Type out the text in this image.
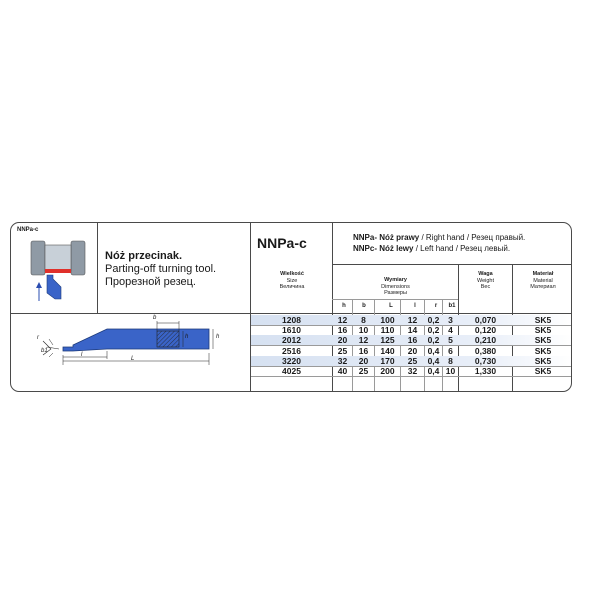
NNPa-c
Nóż przecinak.
Parting-off turning tool.
Прорезной резец.
NNPa-c	NNPa- Nóż prawy / Right hand / Резец правый.
NNPc- Nóż lewy / Left hand / Резец левый.
Wielkość
Size
Величина
Wymiary
Dimensions
Размеры
Waga
Weight
Вес
Materiał
Material
Материал
h	b	L	l	r	b1
b
h	h
L
l
r
b1
1208	12	8	100	12	0,2	3	0,070	SK5
1610	16	10	110	14	0,2	4	0,120	SK5
2012	20	12	125	16	0,2	5	0,210	SK5
2516	25	16	140	20	0,4	6	0,380	SK5
3220	32	20	170	25	0,4	8	0,730	SK5
4025	40	25	200	32	0,4 10	1,330	SK5
